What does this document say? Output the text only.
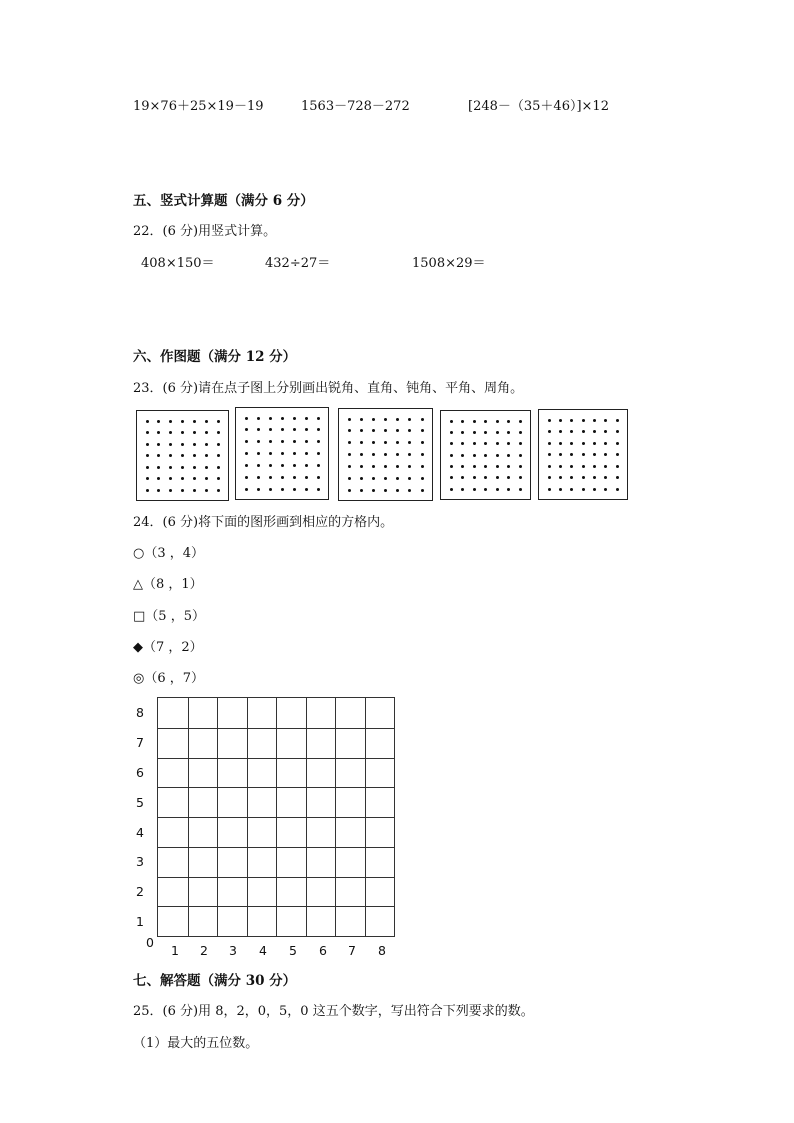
19×76＋25×19－19	1563－728－272	[248－（35＋46）]×12
五、竖式计算题（满分 6 分）
22．(6 分)用竖式计算。
408×150＝	432÷27＝	1508×29＝
六、作图题（满分 12 分）
23．(6 分)请在点子图上分别画出锐角、直角、钝角、平角、周角。
24．(6 分)将下面的图形画到相应的方格内。
○（3 ，4）
△（8 ，1）
□（5 ，5）
◆（7 ，2）
◎（6 ，7）
8
7
6
5
4
3
2
1
0
1 2 3 4 5 6 7 8
七、解答题（满分 30 分）
25．(6 分)用 8，2，0，5，0 这五个数字，写出符合下列要求的数。
（1）最大的五位数。
